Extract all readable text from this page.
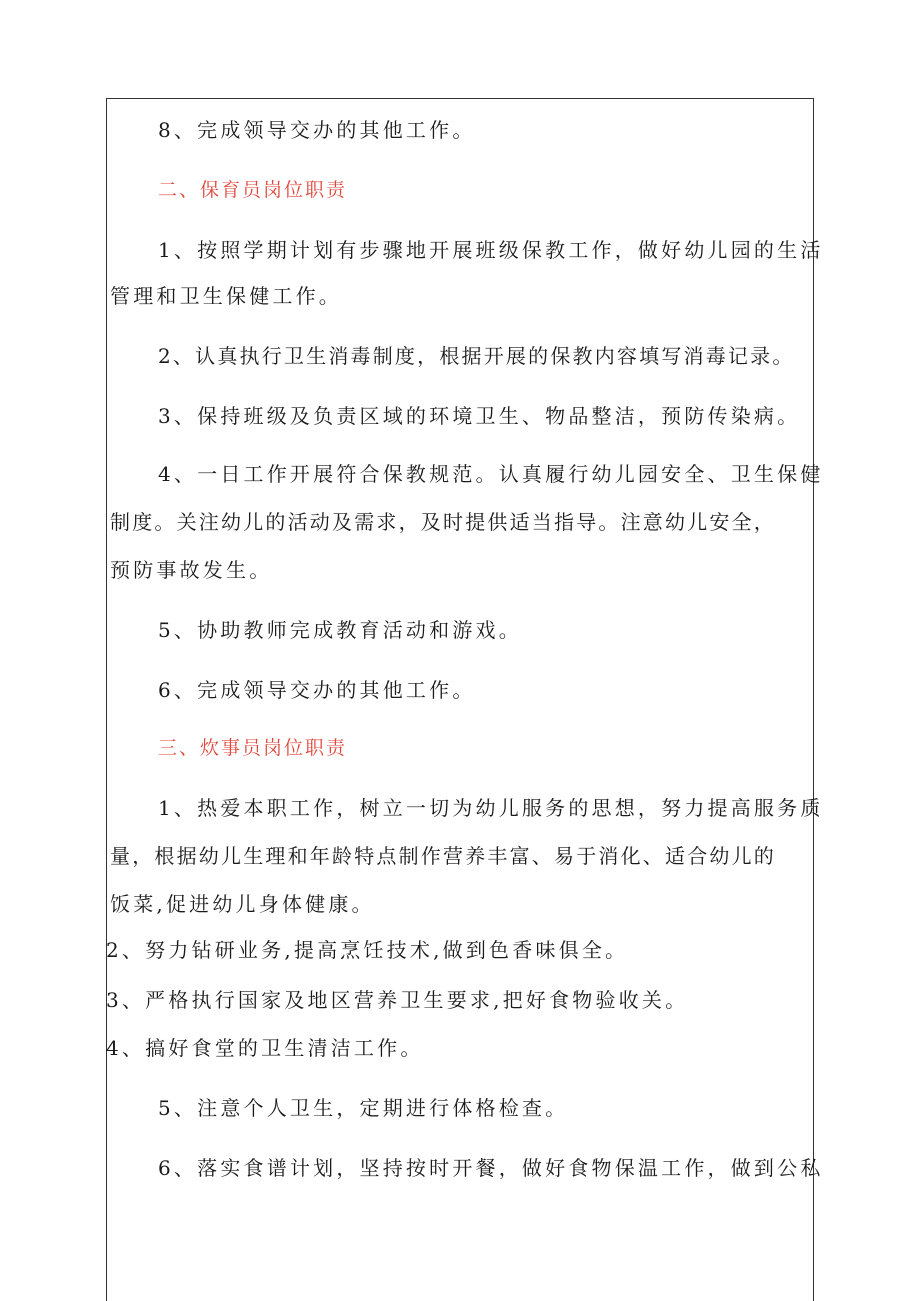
8、完成领导交办的其他工作。
二、保育员岗位职责
1、按照学期计划有步骤地开展班级保教工作，做好幼儿园的生活
管理和卫生保健工作。
2、认真执行卫生消毒制度，根据开展的保教内容填写消毒记录。
3、保持班级及负责区域的环境卫生、物品整洁，预防传染病。
4、一日工作开展符合保教规范。认真履行幼儿园安全、卫生保健
制度。关注幼儿的活动及需求，及时提供适当指导。注意幼儿安全，
预防事故发生。
5、协助教师完成教育活动和游戏。
6、完成领导交办的其他工作。
三、炊事员岗位职责
1、热爱本职工作，树立一切为幼儿服务的思想，努力提高服务质
量，根据幼儿生理和年龄特点制作营养丰富、易于消化、适合幼儿的
饭菜,促进幼儿身体健康。
2、努力钻研业务,提高烹饪技术,做到色香味俱全。
3、严格执行国家及地区营养卫生要求,把好食物验收关。
4、搞好食堂的卫生清洁工作。
5、注意个人卫生，定期进行体格检查。
6、落实食谱计划，坚持按时开餐，做好食物保温工作，做到公私
